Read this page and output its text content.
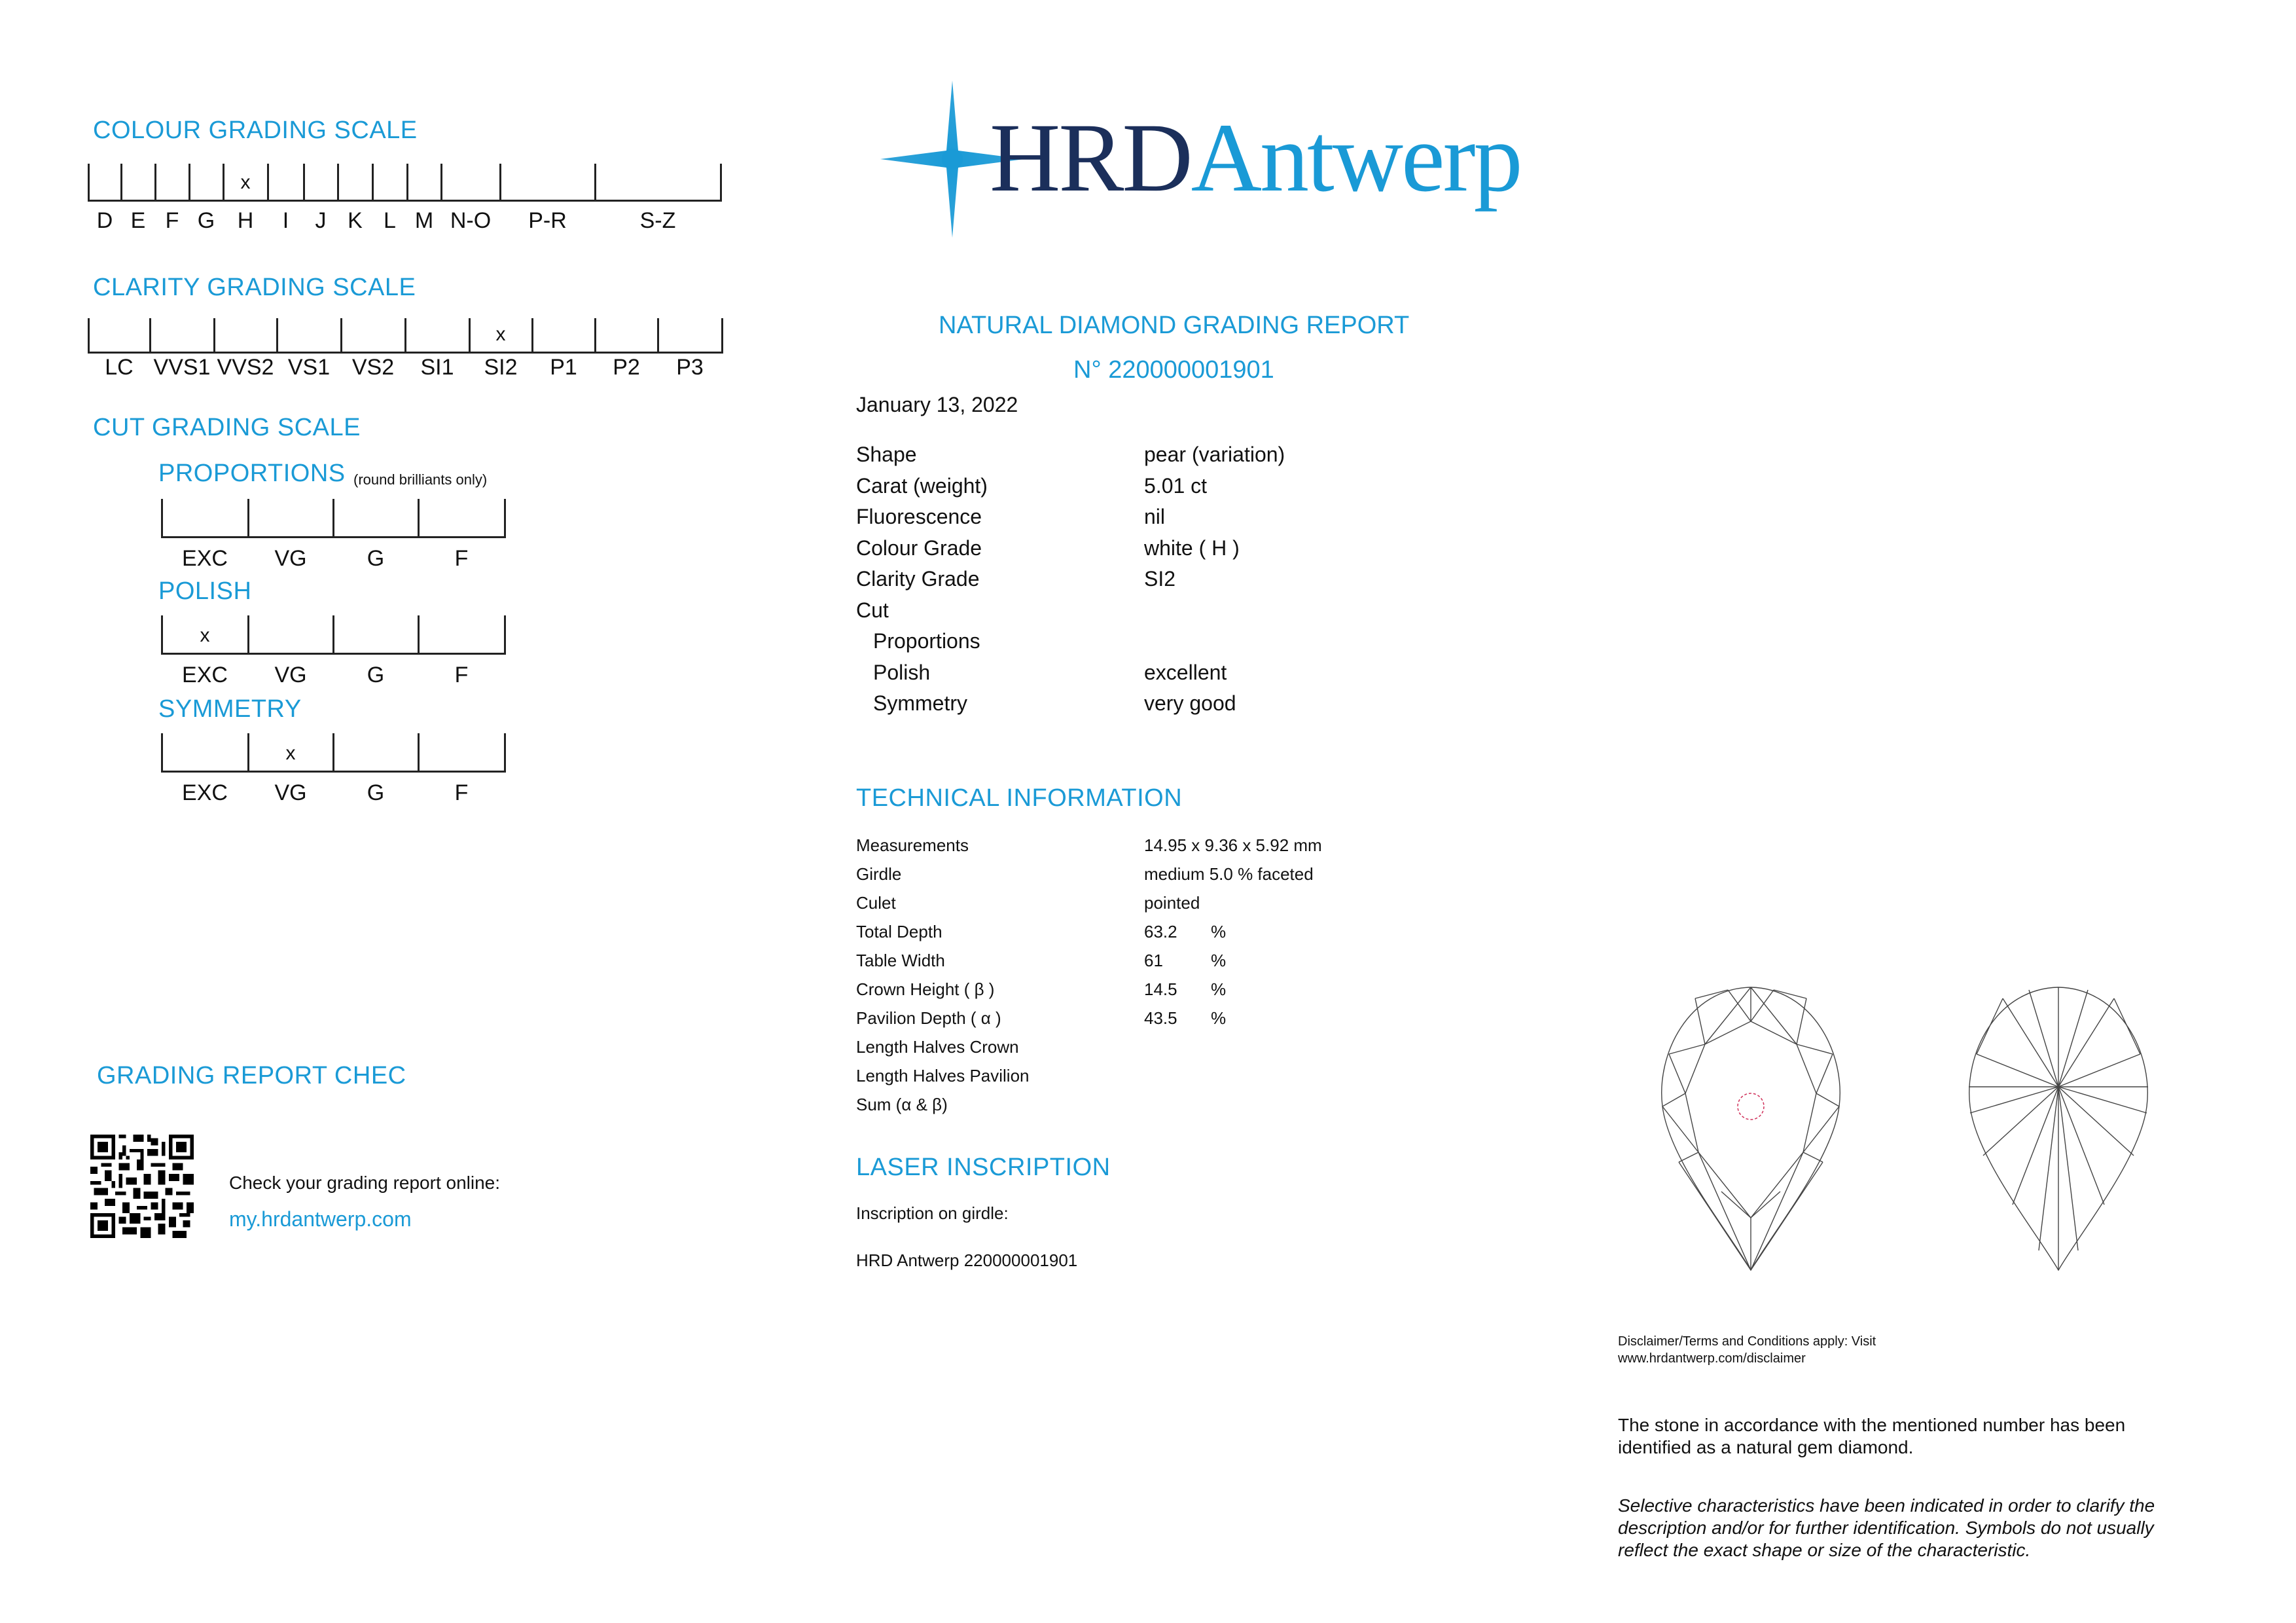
COLOUR GRADING SCALE
D E F G H
x
I J K L M N-O P-R	S-Z
CLARITY GRADING SCALE
LC VVS1 VVS2 VS1 VS2 SI1 SI2
x
P1 P2 P3
CUT GRADING SCALE
PROPORTIONS (round brilliants only)
EXC VG	G	F
POLISH
EXC
x
VG	G	F
SYMMETRY
EXC VG
x
G	F
GRADING REPORT CHEC
Check your grading report online:
my.hrdantwerp.com
HRDAntwerp
NATURAL DIAMOND GRADING REPORT
N° 220000001901
January 13, 2022
Shape	pear (variation)
Carat (weight)	5.01 ct
Fluorescence	nil
Colour Grade	white ( H )
Clarity Grade	SI2
Cut
Proportions
Polish	excellent
Symmetry	very good
TECHNICAL INFORMATION
Measurements	14.95 x 9.36 x 5.92 mm
Girdle	medium 5.0 % faceted
Culet	pointed
Total Depth	63.2 %
Table Width	61	%
Crown Height ( β )	14.5 %
Pavilion Depth ( α )	43.5 %
Length Halves Crown
Length Halves Pavilion
Sum (α & β)
LASER INSCRIPTION
Inscription on girdle:
HRD Antwerp 220000001901
Disclaimer/Terms and Conditions apply: Visit
www.hrdantwerp.com/disclaimer
The stone in accordance with the mentioned number has been identified as a natural gem diamond.
Selective characteristics have been indicated in order to clarify the description and/or for further identification. Symbols do not usually reflect the exact shape or size of the characteristic.
